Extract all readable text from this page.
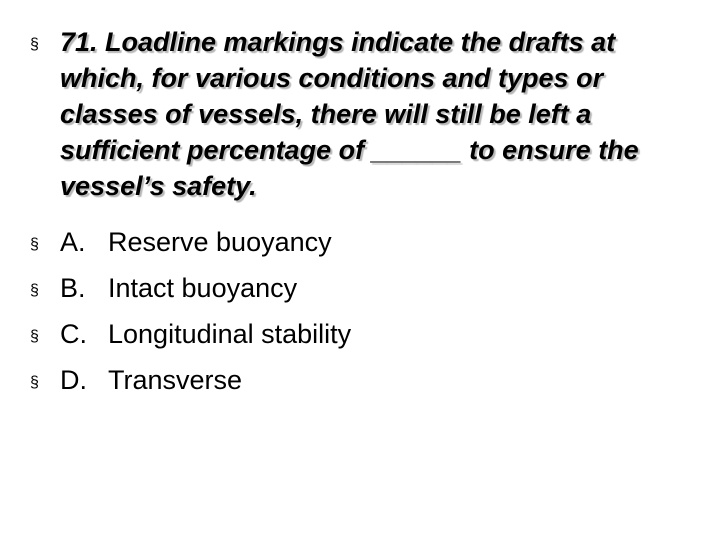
§ 71. Loadline markings indicate the drafts at which, for various conditions and types or classes of vessels, there will still be left a sufficient percentage of ______ to ensure the vessel’s safety.
§ A. Reserve buoyancy
§ B. Intact buoyancy
§ C. Longitudinal stability
§ D. Transverse
